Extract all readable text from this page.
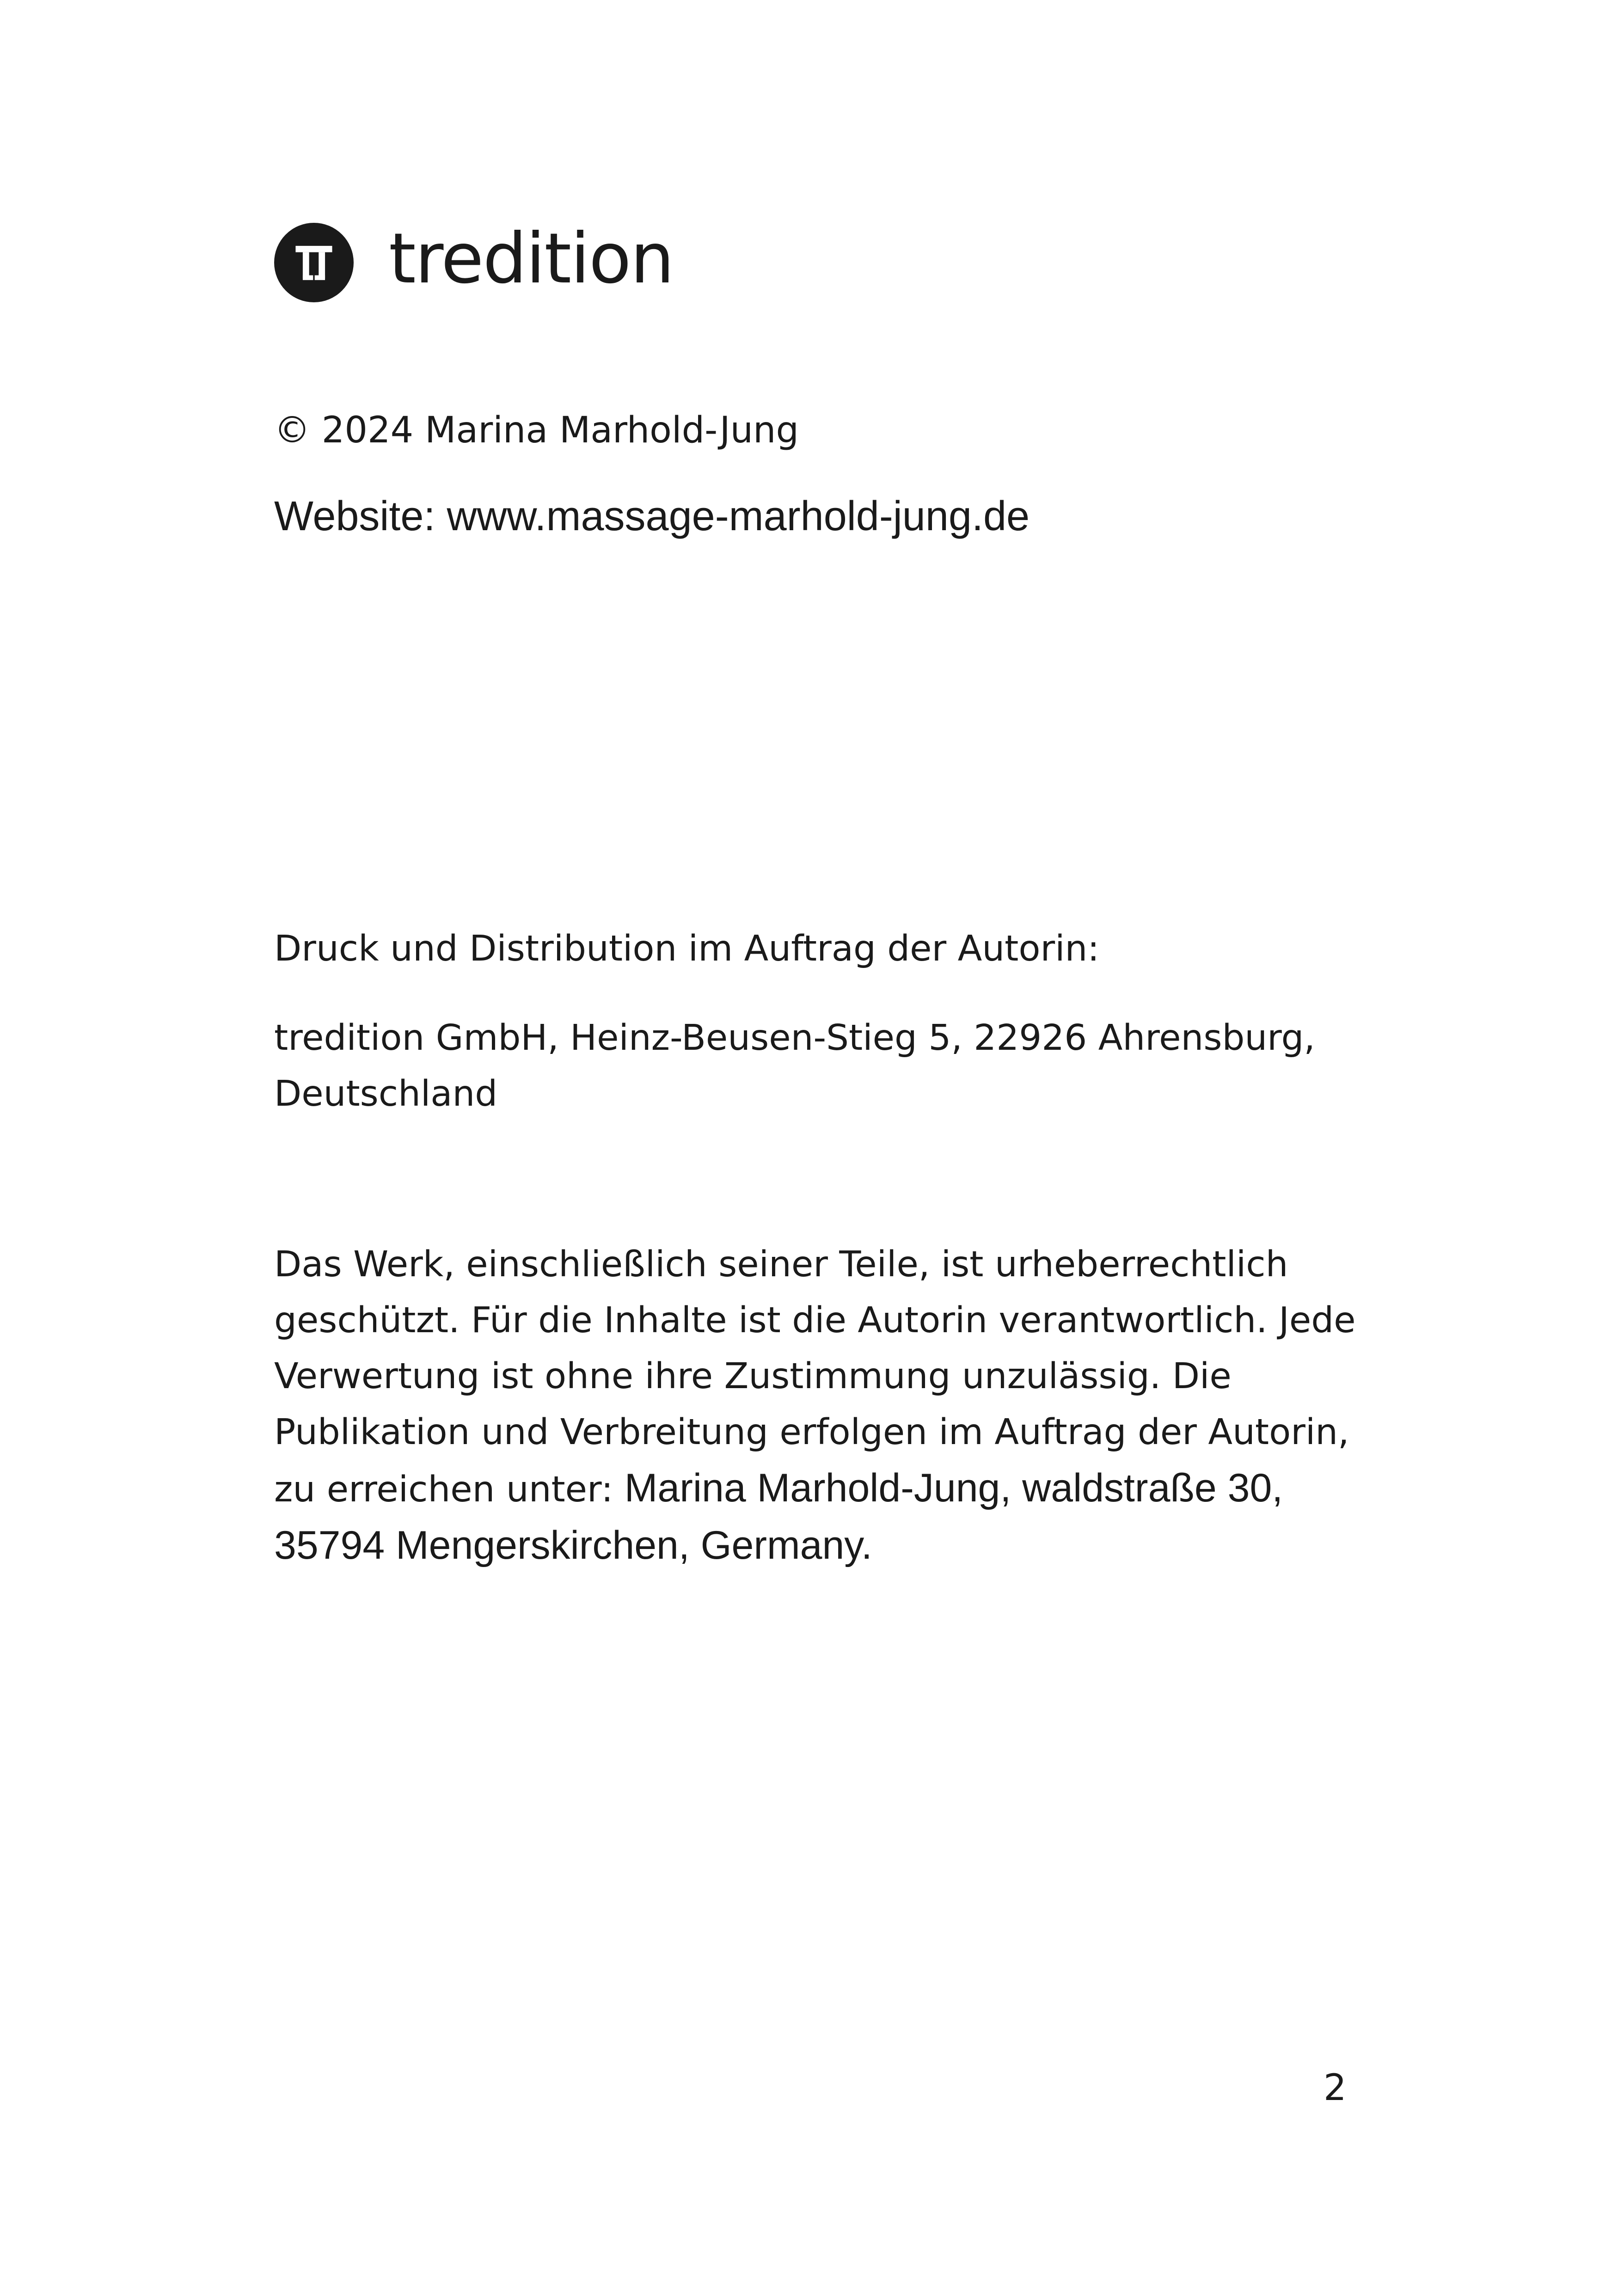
tredition

© 2024 Marina Marhold-Jung

Website: www.massage-marhold-jung.de

Druck und Distribution im Auftrag der Autorin:

tredition GmbH, Heinz-Beusen-Stieg 5, 22926 Ahrensburg,
Deutschland

Das Werk, einschließlich seiner Teile, ist urheberrechtlich
geschützt. Für die Inhalte ist die Autorin verantwortlich. Jede
Verwertung ist ohne ihre Zustimmung unzulässig. Die
Publikation und Verbreitung erfolgen im Auftrag der Autorin,
zu erreichen unter: Marina Marhold-Jung, waldstraße 30,
35794 Mengerskirchen, Germany.

2
